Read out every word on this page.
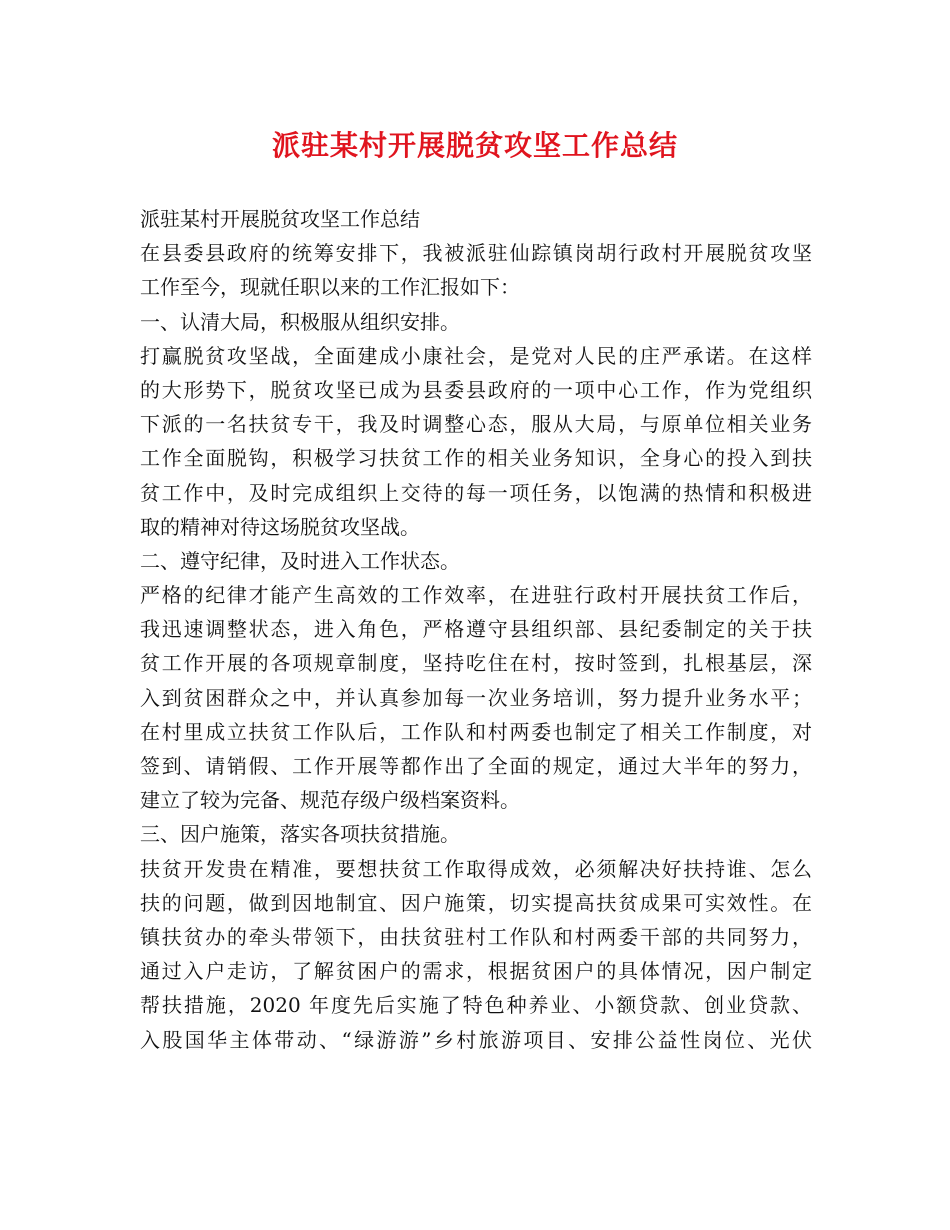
派驻某村开展脱贫攻坚工作总结
派驻某村开展脱贫攻坚工作总结
在县委县政府的统筹安排下，我被派驻仙踪镇岗胡行政村开展脱贫攻坚
工作至今，现就任职以来的工作汇报如下：
一、认清大局，积极服从组织安排。
打赢脱贫攻坚战，全面建成小康社会，是党对人民的庄严承诺。在这样
的大形势下，脱贫攻坚已成为县委县政府的一项中心工作，作为党组织
下派的一名扶贫专干，我及时调整心态，服从大局，与原单位相关业务
工作全面脱钩，积极学习扶贫工作的相关业务知识，全身心的投入到扶
贫工作中，及时完成组织上交待的每一项任务，以饱满的热情和积极进
取的精神对待这场脱贫攻坚战。
二、遵守纪律，及时进入工作状态。
严格的纪律才能产生高效的工作效率，在进驻行政村开展扶贫工作后，
我迅速调整状态，进入角色，严格遵守县组织部、县纪委制定的关于扶
贫工作开展的各项规章制度，坚持吃住在村，按时签到，扎根基层，深
入到贫困群众之中，并认真参加每一次业务培训，努力提升业务水平；
在村里成立扶贫工作队后，工作队和村两委也制定了相关工作制度，对
签到、请销假、工作开展等都作出了全面的规定，通过大半年的努力，
建立了较为完备、规范存级户级档案资料。
三、因户施策，落实各项扶贫措施。
扶贫开发贵在精准，要想扶贫工作取得成效，必须解决好扶持谁、怎么
扶的问题，做到因地制宜、因户施策，切实提高扶贫成果可实效性。在
镇扶贫办的牵头带领下，由扶贫驻村工作队和村两委干部的共同努力，
通过入户走访，了解贫困户的需求，根据贫困户的具体情况，因户制定
帮扶措施，2020 年度先后实施了特色种养业、小额贷款、创业贷款、
入股国华主体带动、“绿游游”乡村旅游项目、安排公益性岗位、光伏
